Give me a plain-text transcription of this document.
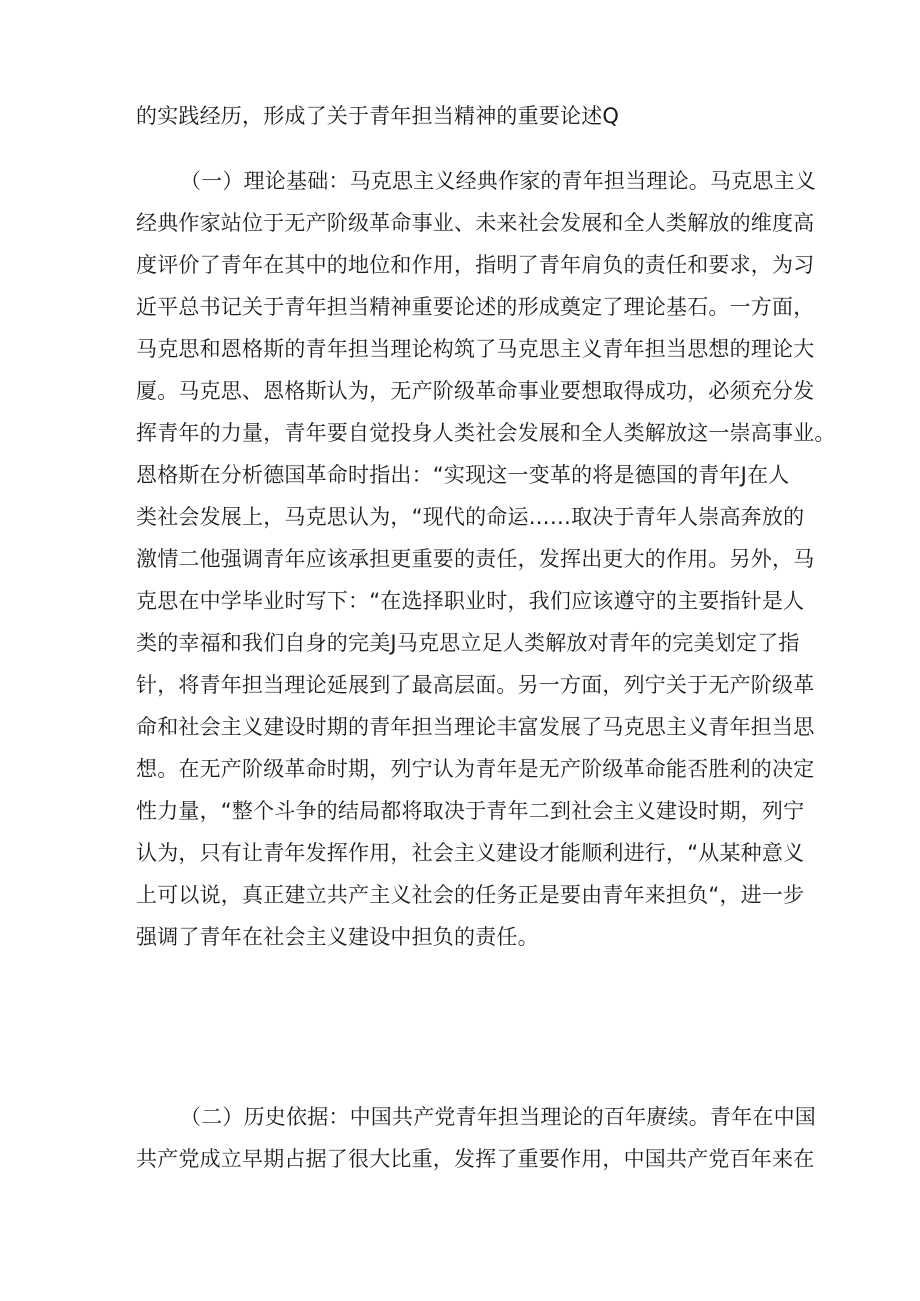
的实践经历，形成了关于青年担当精神的重要论述Q
（一）理论基础：马克思主义经典作家的青年担当理论。马克思主义
经典作家站位于无产阶级革命事业、未来社会发展和全人类解放的维度高
度评价了青年在其中的地位和作用，指明了青年肩负的责任和要求，为习
近平总书记关于青年担当精神重要论述的形成奠定了理论基石。一方面，
马克思和恩格斯的青年担当理论构筑了马克思主义青年担当思想的理论大
厦。马克思、恩格斯认为，无产阶级革命事业要想取得成功，必须充分发
挥青年的力量，青年要自觉投身人类社会发展和全人类解放这一崇高事业。
恩格斯在分析德国革命时指出：“实现这一变革的将是德国的青年J在人
类社会发展上，马克思认为，“现代的命运……取决于青年人崇高奔放的
激情二他强调青年应该承担更重要的责任，发挥出更大的作用。另外，马
克思在中学毕业时写下：“在选择职业时，我们应该遵守的主要指针是人
类的幸福和我们自身的完美J马克思立足人类解放对青年的完美划定了指
针，将青年担当理论延展到了最高层面。另一方面，列宁关于无产阶级革
命和社会主义建设时期的青年担当理论丰富发展了马克思主义青年担当思
想。在无产阶级革命时期，列宁认为青年是无产阶级革命能否胜利的决定
性力量，“整个斗争的结局都将取决于青年二到社会主义建设时期，列宁
认为，只有让青年发挥作用，社会主义建设才能顺利进行，“从某种意义
上可以说，真正建立共产主义社会的任务正是要由青年来担负“，进一步
强调了青年在社会主义建设中担负的责任。
（二）历史依据：中国共产党青年担当理论的百年赓续。青年在中国
共产党成立早期占据了很大比重，发挥了重要作用，中国共产党百年来在
